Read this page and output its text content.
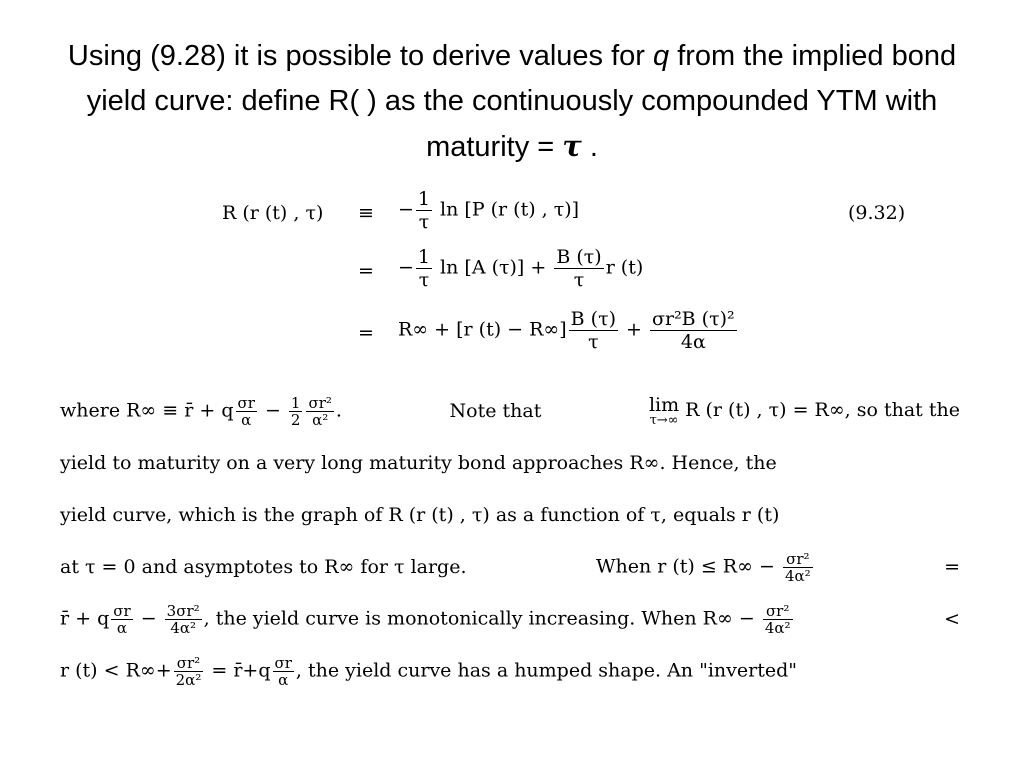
Using (9.28) it is possible to derive values for q from the implied bond yield curve: define R( ) as the continuously compounded YTM with maturity = τ .
R (r (t) , τ) ≡ − $\frac{1}{\tau}$ ln [P (r (t) , τ)]	(9.32)
= − $\frac{1}{\tau}$ ln [A $(\tau)] + \frac{B (\tau)}{\tau}$ r (t)
= R∞ + [r $(t) - R\infty] \frac{B (\tau)}{\tau} + \frac{\text{σr²B (τ)²}}{4\alpha}$
where R∞ ≡ r̄ + q $\frac{\sigma r}{\alpha} - \frac{1}{2} \frac{\text{σr²}}{\text{α²}}$ .	Note that	lim
τ→∞ R (r (t) , τ) = R∞, so that the
yield to maturity on a very long maturity bond approaches R∞. Hence, the
yield curve, which is the graph of R (r (t) , τ) as a function of τ, equals r (t)
at τ = 0 and asymptotes to R∞ for τ large.	When r $(t) \le R\infty - \frac{\text{σr²}}{\text{4α²}}$	=
r̄ + q $\frac{\sigma r}{\alpha} - \frac{\text{3σr²}}{\text{4α²}}$ , the yield curve is monotonically increasing. When $R\infty - \frac{\text{σr²}}{\text{4α²}}$	<
r $(t) < R\infty+ \frac{\text{σr²}}{\text{2α²}}$ = r̄+q $\frac{\sigma r}{\alpha}$ , the yield curve has a humped shape. An "inverted"
